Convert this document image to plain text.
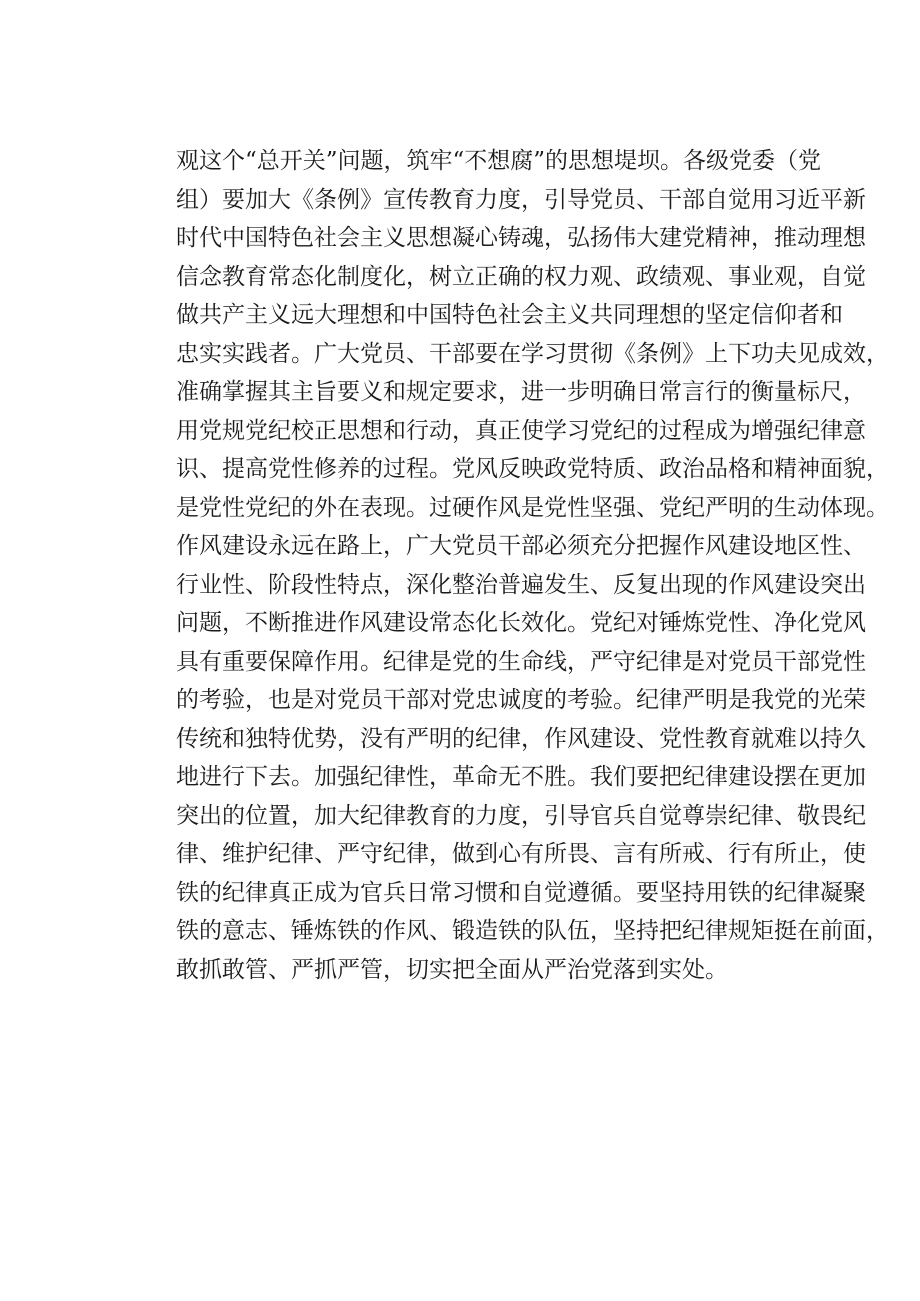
观这个“总开关”问题，筑牢“不想腐”的思想堤坝。各级党委（党
组）要加大《条例》宣传教育力度，引导党员、干部自觉用习近平新
时代中国特色社会主义思想凝心铸魂，弘扬伟大建党精神，推动理想
信念教育常态化制度化，树立正确的权力观、政绩观、事业观，自觉
做共产主义远大理想和中国特色社会主义共同理想的坚定信仰者和
忠实实践者。广大党员、干部要在学习贯彻《条例》上下功夫见成效，
准确掌握其主旨要义和规定要求，进一步明确日常言行的衡量标尺，
用党规党纪校正思想和行动，真正使学习党纪的过程成为增强纪律意
识、提高党性修养的过程。党风反映政党特质、政治品格和精神面貌，
是党性党纪的外在表现。过硬作风是党性坚强、党纪严明的生动体现。
作风建设永远在路上，广大党员干部必须充分把握作风建设地区性、
行业性、阶段性特点，深化整治普遍发生、反复出现的作风建设突出
问题，不断推进作风建设常态化长效化。党纪对锤炼党性、净化党风
具有重要保障作用。纪律是党的生命线，严守纪律是对党员干部党性
的考验，也是对党员干部对党忠诚度的考验。纪律严明是我党的光荣
传统和独特优势，没有严明的纪律，作风建设、党性教育就难以持久
地进行下去。加强纪律性，革命无不胜。我们要把纪律建设摆在更加
突出的位置，加大纪律教育的力度，引导官兵自觉尊崇纪律、敬畏纪
律、维护纪律、严守纪律，做到心有所畏、言有所戒、行有所止，使
铁的纪律真正成为官兵日常习惯和自觉遵循。要坚持用铁的纪律凝聚
铁的意志、锤炼铁的作风、锻造铁的队伍，坚持把纪律规矩挺在前面，
敢抓敢管、严抓严管，切实把全面从严治党落到实处。
